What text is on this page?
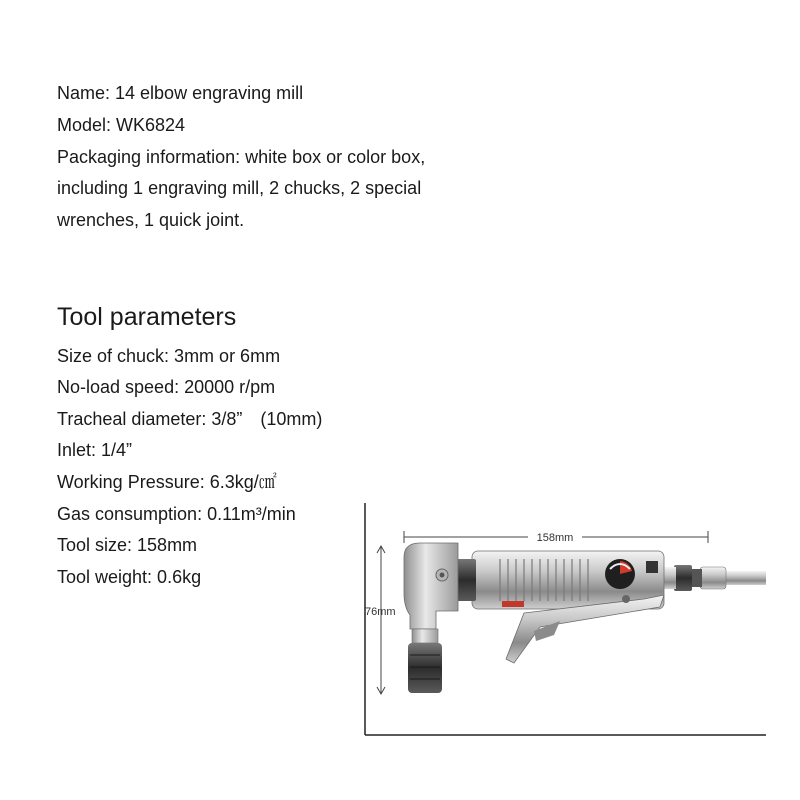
Name: 14 elbow engraving mill
Model: WK6824
Packaging information: white box or color box,
including 1 engraving mill, 2 chucks, 2 special
wrenches, 1 quick joint.
Tool parameters
Size of chuck: 3mm or 6mm
No-load speed: 20000 r/pm
Tracheal diameter: 3/8” (10mm)
Inlet: 1/4”
Working Pressure: 6.3kg/㎠
Gas consumption: 0.11m³/min
Tool size: 158mm
Tool weight: 0.6kg
158mm
76mm
